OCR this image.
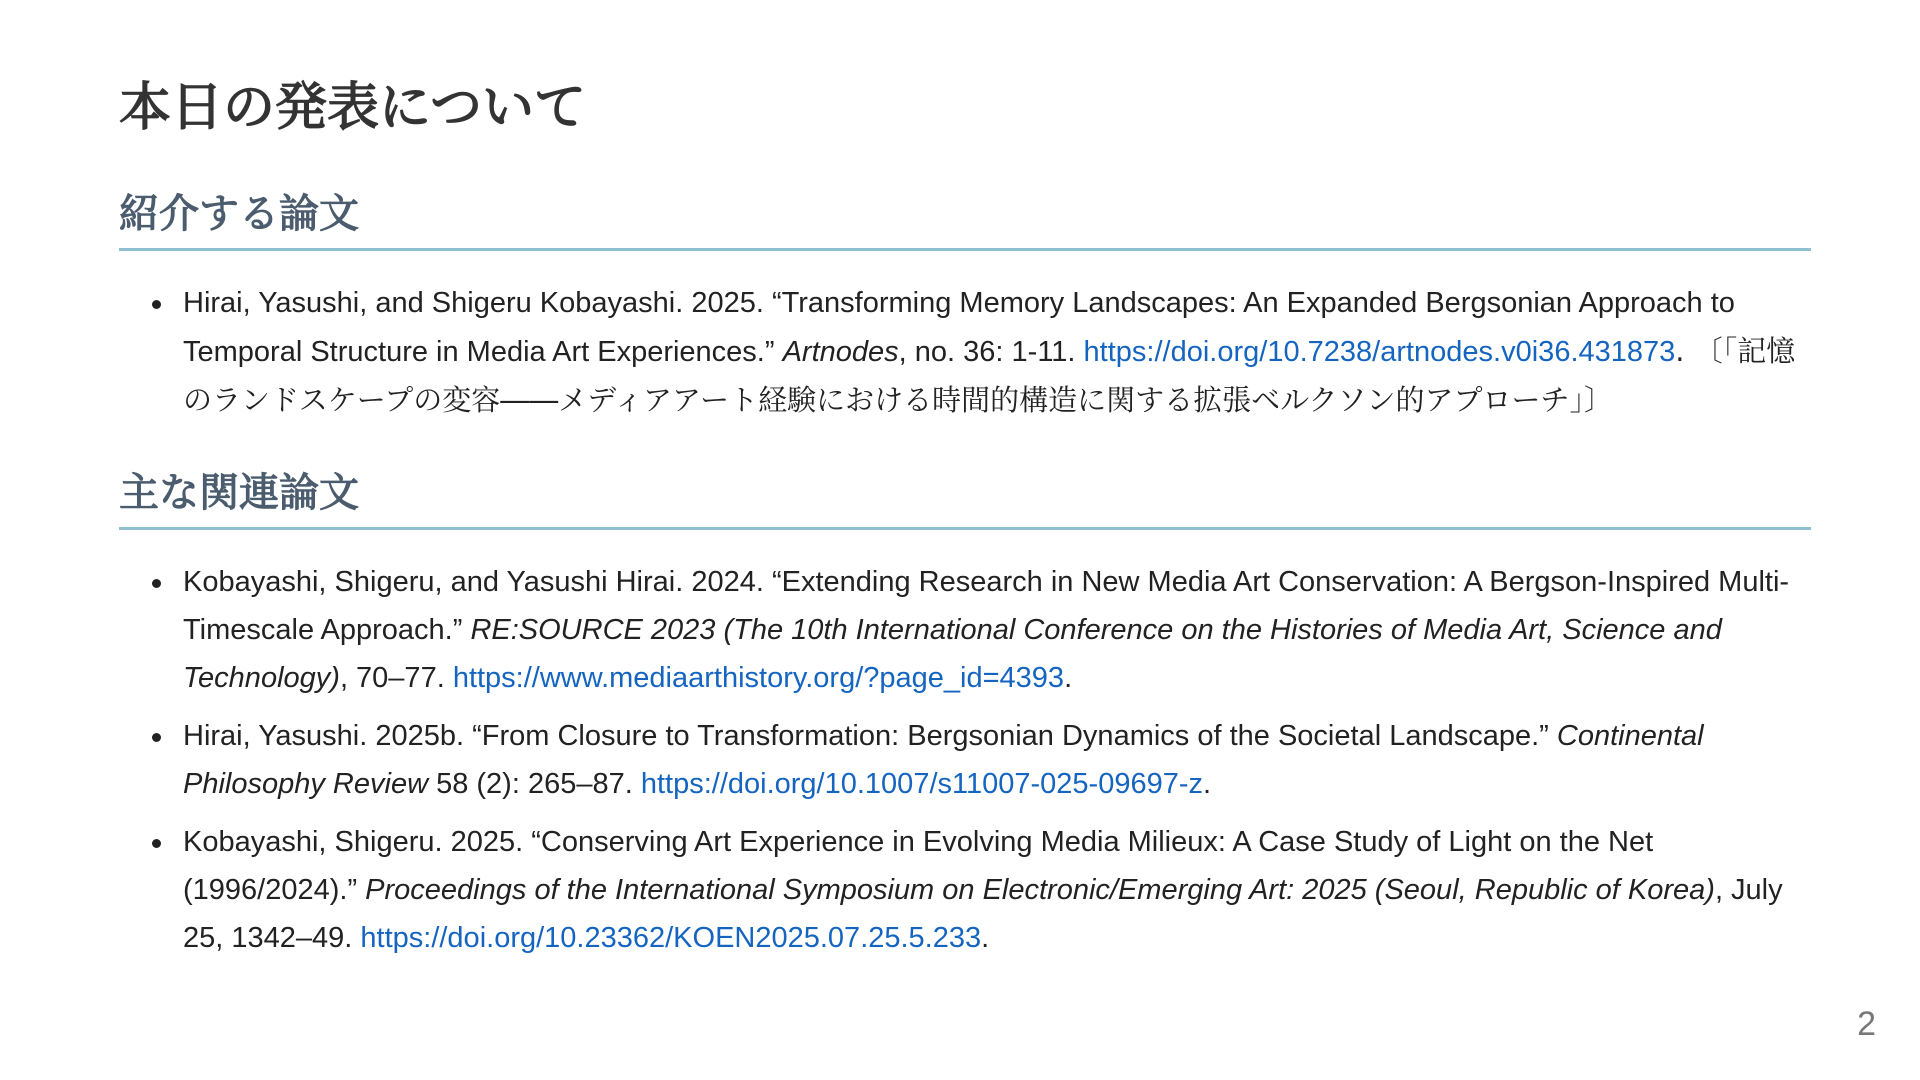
本日の発表について
紹介する論文
Hirai, Yasushi, and Shigeru Kobayashi. 2025. “Transforming Memory Landscapes: An Expanded Bergsonian Approach to Temporal Structure in Media Art Experiences.” Artnodes, no. 36: 1-11. https://doi.org/10.7238/artnodes.v0i36.431873. 〔「記憶のランドスケープの変容――メディアアート経験における時間的構造に関する拡張ベルクソン的アプローチ」〕
主な関連論文
Kobayashi, Shigeru, and Yasushi Hirai. 2024. “Extending Research in New Media Art Conservation: A Bergson-Inspired Multi-Timescale Approach.” RE:SOURCE 2023 (The 10th International Conference on the Histories of Media Art, Science and Technology), 70–77. https://www.mediaarthistory.org/?page_id=4393.
Hirai, Yasushi. 2025b. “From Closure to Transformation: Bergsonian Dynamics of the Societal Landscape.” Continental Philosophy Review 58 (2): 265–87. https://doi.org/10.1007/s11007-025-09697-z.
Kobayashi, Shigeru. 2025. “Conserving Art Experience in Evolving Media Milieux: A Case Study of Light on the Net (1996/2024).” Proceedings of the International Symposium on Electronic/Emerging Art: 2025 (Seoul, Republic of Korea), July 25, 1342–49. https://doi.org/10.23362/KOEN2025.07.25.5.233.
2
